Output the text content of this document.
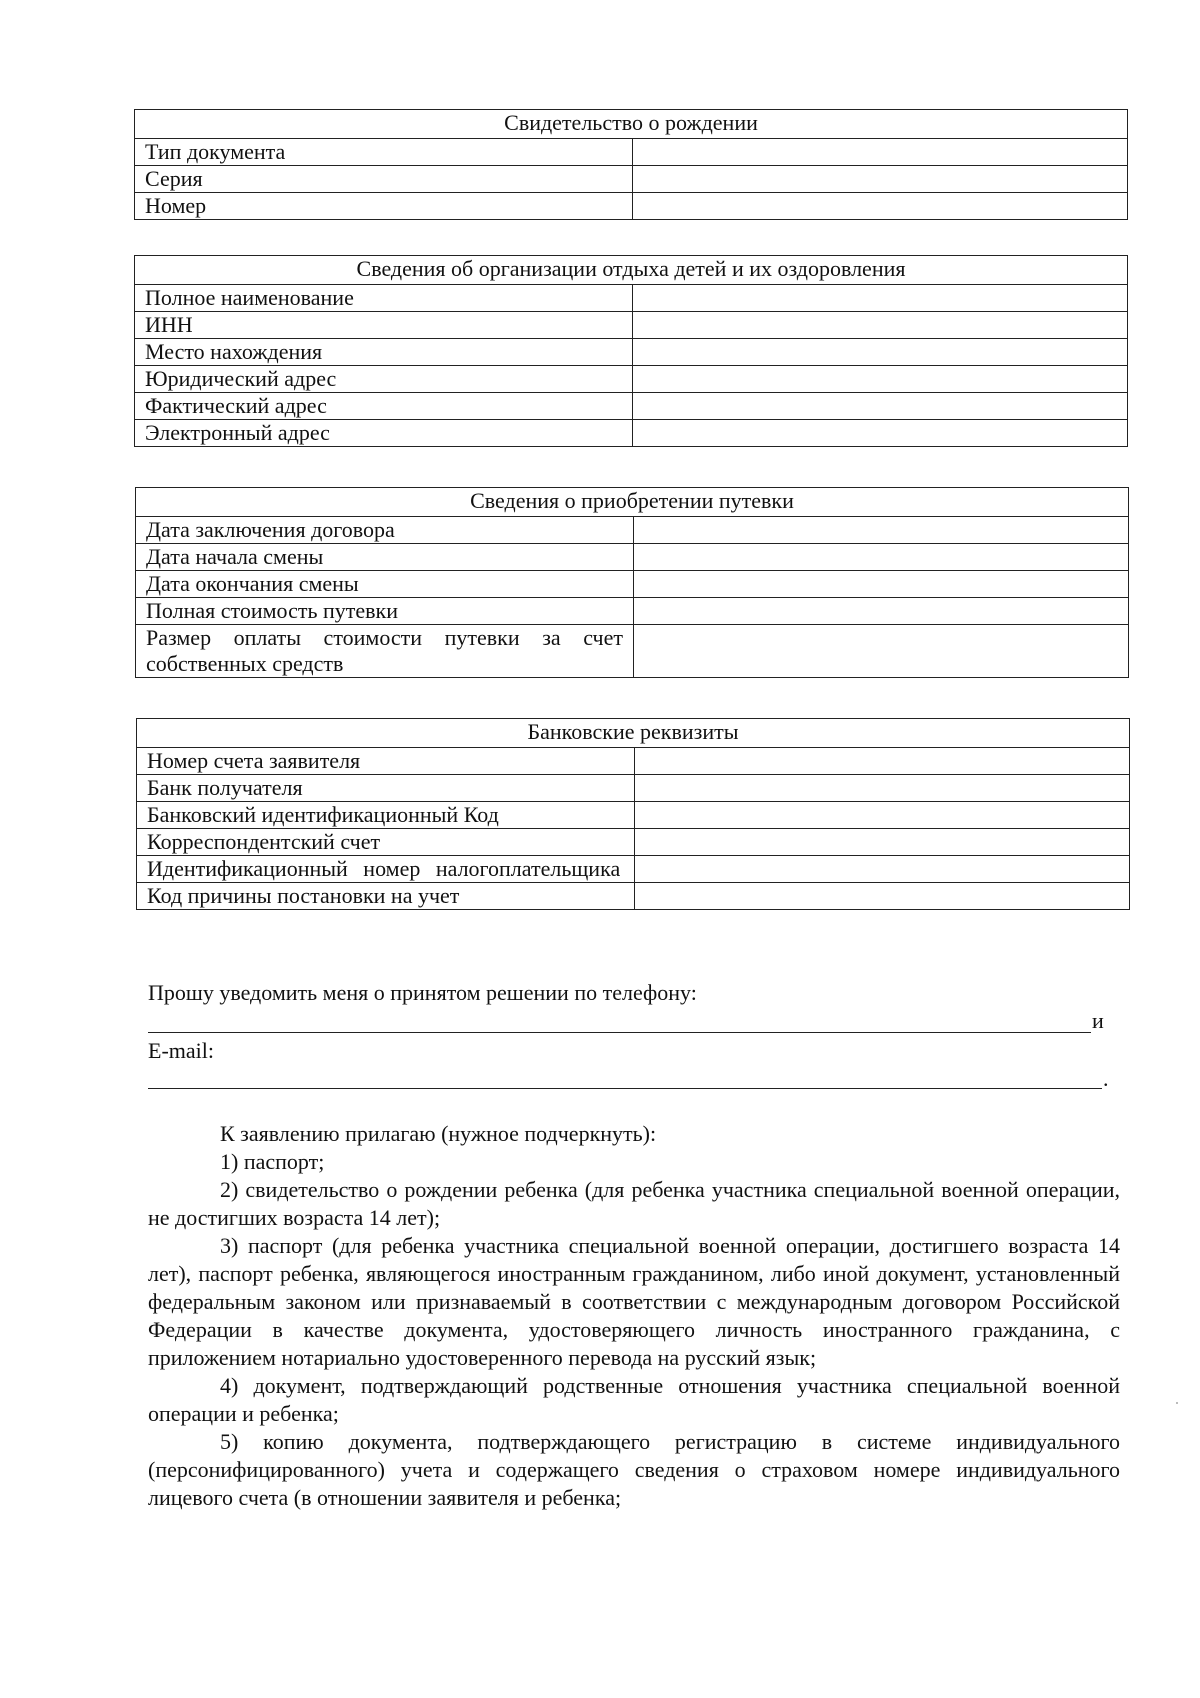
Свидетельство о рождении	
Тип документа	
Серия	
Номер	
Сведения об организации отдыха детей и их оздоровления	
Полное наименование	
ИНН	
Место нахождения	
Юридический адрес	
Фактический адрес	
Электронный адрес	
Сведения о приобретении путевки	
Дата заключения договора	
Дата начала смены	
Дата окончания смены	
Полная стоимость путевки	
Размер оплаты стоимости путевки за счет собственных средств	
Банковские реквизиты	
Номер счета заявителя	
Банк получателя	
Банковский идентификационный Код	
Корреспондентский счет	
Идентификационный номер налогоплательщика	
Код причины постановки на учет	
Прошу уведомить меня о принятом решении по телефону:
и
E-mail:
.

К заявлению прилагаю (нужное подчеркнуть):

1) паспорт;

2) свидетельство о рождении ребенка (для ребенка участника специальной военной операции, не достигших возраста 14 лет);

3) паспорт (для ребенка участника специальной военной операции, достигшего возраста 14 лет), паспорт ребенка, являющегося иностранным гражданином, либо иной документ, установленный федеральным законом или признаваемый в соответствии с международным договором Российской Федерации в качестве документа, удостоверяющего личность иностранного гражданина, с приложением нотариально удостоверенного перевода на русский язык;

4) документ, подтверждающий родственные отношения участника специальной военной операции и ребенка;

5) копию документа, подтверждающего регистрацию в системе индивидуального (персонифицированного) учета и содержащего сведения о страховом номере индивидуального лицевого счета (в отношении заявителя и ребенка;
